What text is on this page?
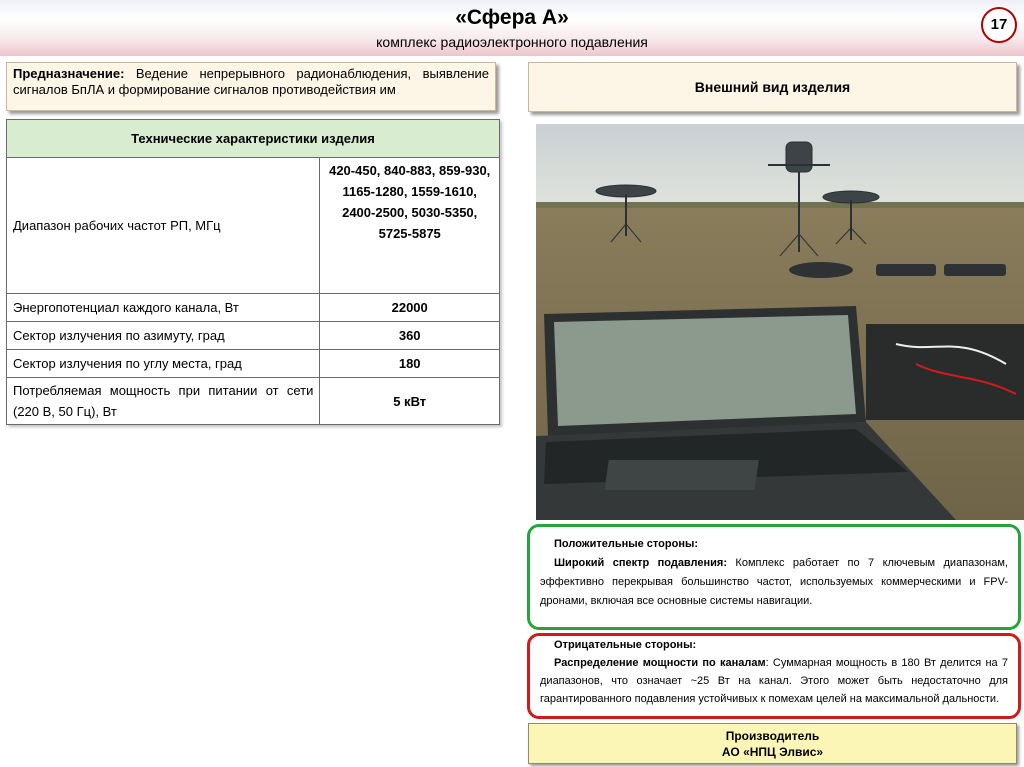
«Сфера А»
комплекс радиоэлектронного подавления
17
Предназначение: Ведение непрерывного радионаблюдения, выявление сигналов БпЛА и формирование сигналов противодействия им
Технические характеристики изделия	
Диапазон рабочих частот РП, МГц	420-450, 840-883, 859-930, 1165-1280, 1559-1610, 2400-2500, 5030-5350, 5725-5875
Энергопотенциал каждого канала, Вт	22000
Сектор излучения по азимуту, град	360
Сектор излучения по углу места, град	180
Потребляемая мощность при питании от сети (220 В, 50 Гц), Вт	5 кВт
Внешний вид изделия
Положительные стороны:
Широкий спектр подавления: Комплекс работает по 7 ключевым диапазонам, эффективно перекрывая большинство частот, используемых коммерческими и FPV-дронами, включая все основные системы навигации.
Отрицательные стороны:
Распределение мощности по каналам: Суммарная мощность в 180 Вт делится на 7 диапазонов, что означает ~25 Вт на канал. Этого может быть недостаточно для гарантированного подавления устойчивых к помехам целей на максимальной дальности.
Производитель
АО «НПЦ Элвис»
